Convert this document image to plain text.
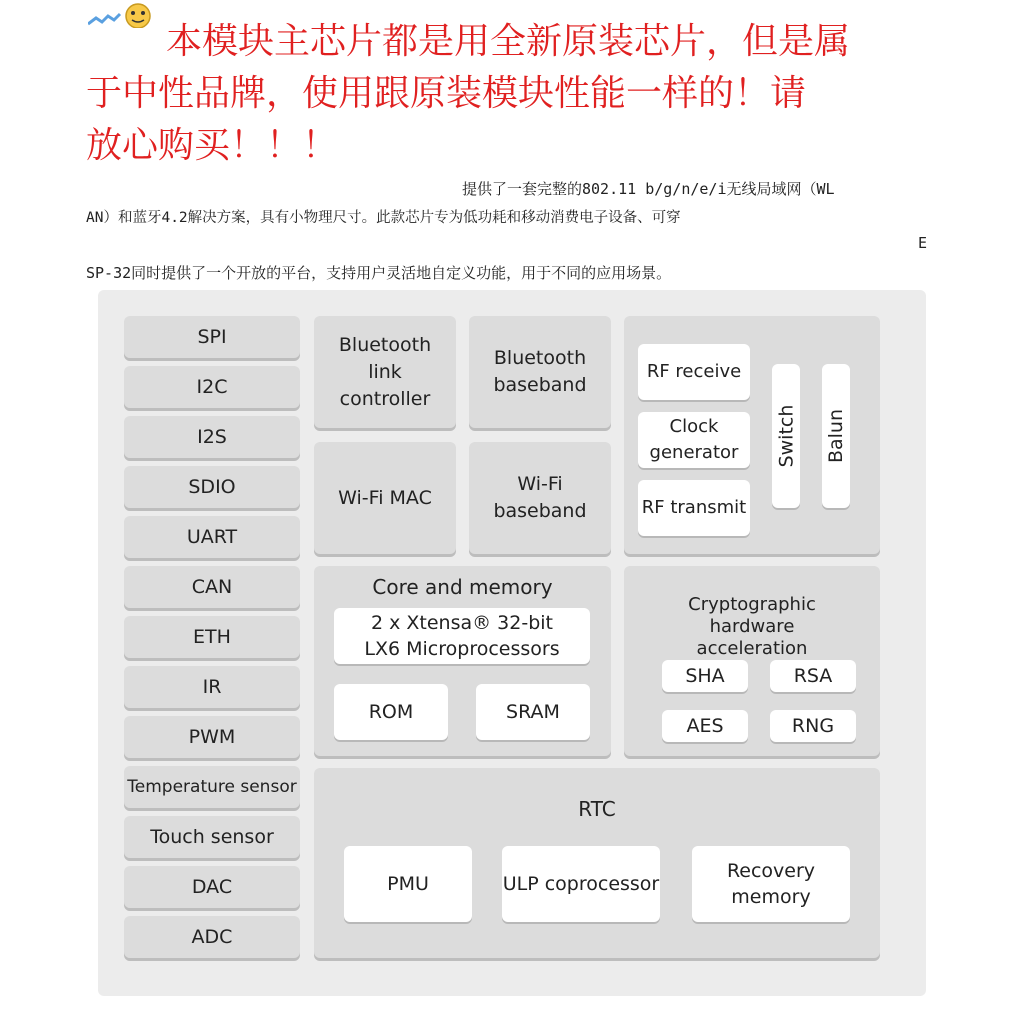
本模块主芯片都是用全新原装芯片，但是属
于中性品牌，使用跟原装模块性能一样的！请
放心购买！！！
提供了一套完整的802.11 b/g/n/e/i无线局域网（WL
AN）和蓝牙4.2解决方案，具有小物理尺寸。此款芯片专为低功耗和移动消费电子设备、可穿
E
SP-32同时提供了一个开放的平台，支持用户灵活地自定义功能，用于不同的应用场景。
SPI
I2C
I2S
SDIO
UART
CAN
ETH
IR
PWM
Temperature sensor
Touch sensor
DAC
ADC
Bluetooth link controller
Bluetooth baseband
Wi-Fi MAC
Wi-Fi baseband
RF receive
Clock generator
RF transmit
Switch Balun
Core and memory
2 x Xtensa® 32-bit LX6 Microprocessors
ROM	SRAM
Cryptographic hardware acceleration
SHA	RSA
AES	RNG
RTC
PMU	ULP coprocessor
Recovery memory
